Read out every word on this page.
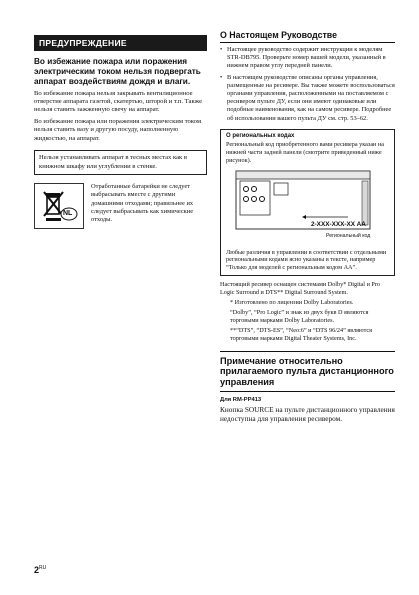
ПРЕДУПРЕЖДЕНИЕ
Во избежание пожара или поражения электрическим током нельзя подвергать аппарат воздействиям дождя и влаги.

Во избежание пожара нельзя закрывать вентиляционное отверстие аппарата газетой, скатертью, шторой и т.п. Также нельзя ставить зажженную свечу на аппарат.

Во избежание пожара или поражения электрическим током нельзя ставить вазу и другую посуду, наполненную жидкостью, на аппарат.

Нельзя устанавливать аппарат в тесных местах как в книжном шкафу или углублении в стенке.
NL
Отработанные батарейки не следует выбрасывать вместе с другими домашними отходами; правильнее их следует выбрасывать как химические отходы.
О Настоящем Руководстве

• Настоящее руководство содержит инструкции к моделям STR-DB795. Проверьте номер вашей модели, указанный в нижнем правом углу передней панели.

• В настоящем руководстве описаны органы управления, размещенные на ресивере. Вы также можете воспользоваться органами управления, расположенными на поставляемом с ресивером пульте ДУ, если они имеют одинаковые или подобные наименования, как на самом ресивере. Подробнее об использовании вашего пульта ДУ см. стр. 53–62.

О региональных кодах
Региональный код приобретенного вами ресивера указан на нижней части задней панели (смотрите приведенный ниже рисунок).
2-XXX-XXX-XX AA
Региональный код
Любые различия в управлении в соответствии с отдельными региональными кодами ясно указаны в тексте, например “Только для моделей с региональным кодом AA”.

Настоящий ресивер оснащен системами Dolby* Digital и Pro Logic Surround и DTS** Digital Surround System.

* Изготовлено по лицензии Dolby Laboratories.

“Dolby”, “Pro Logic” и знак из двух букв D являются торговыми марками Dolby Laboratories.

**“DTS”, “DTS-ES”, “Neo:6” и “DTS 96/24” являются торговыми марками Digital Theater Systems, Inc.

Примечание относительно прилагаемого пульта дистанционного управления
Для RM-PP413

Кнопка SOURCE на пульте дистанционного управления недоступна для управления ресивером.

$2^{RU}$
